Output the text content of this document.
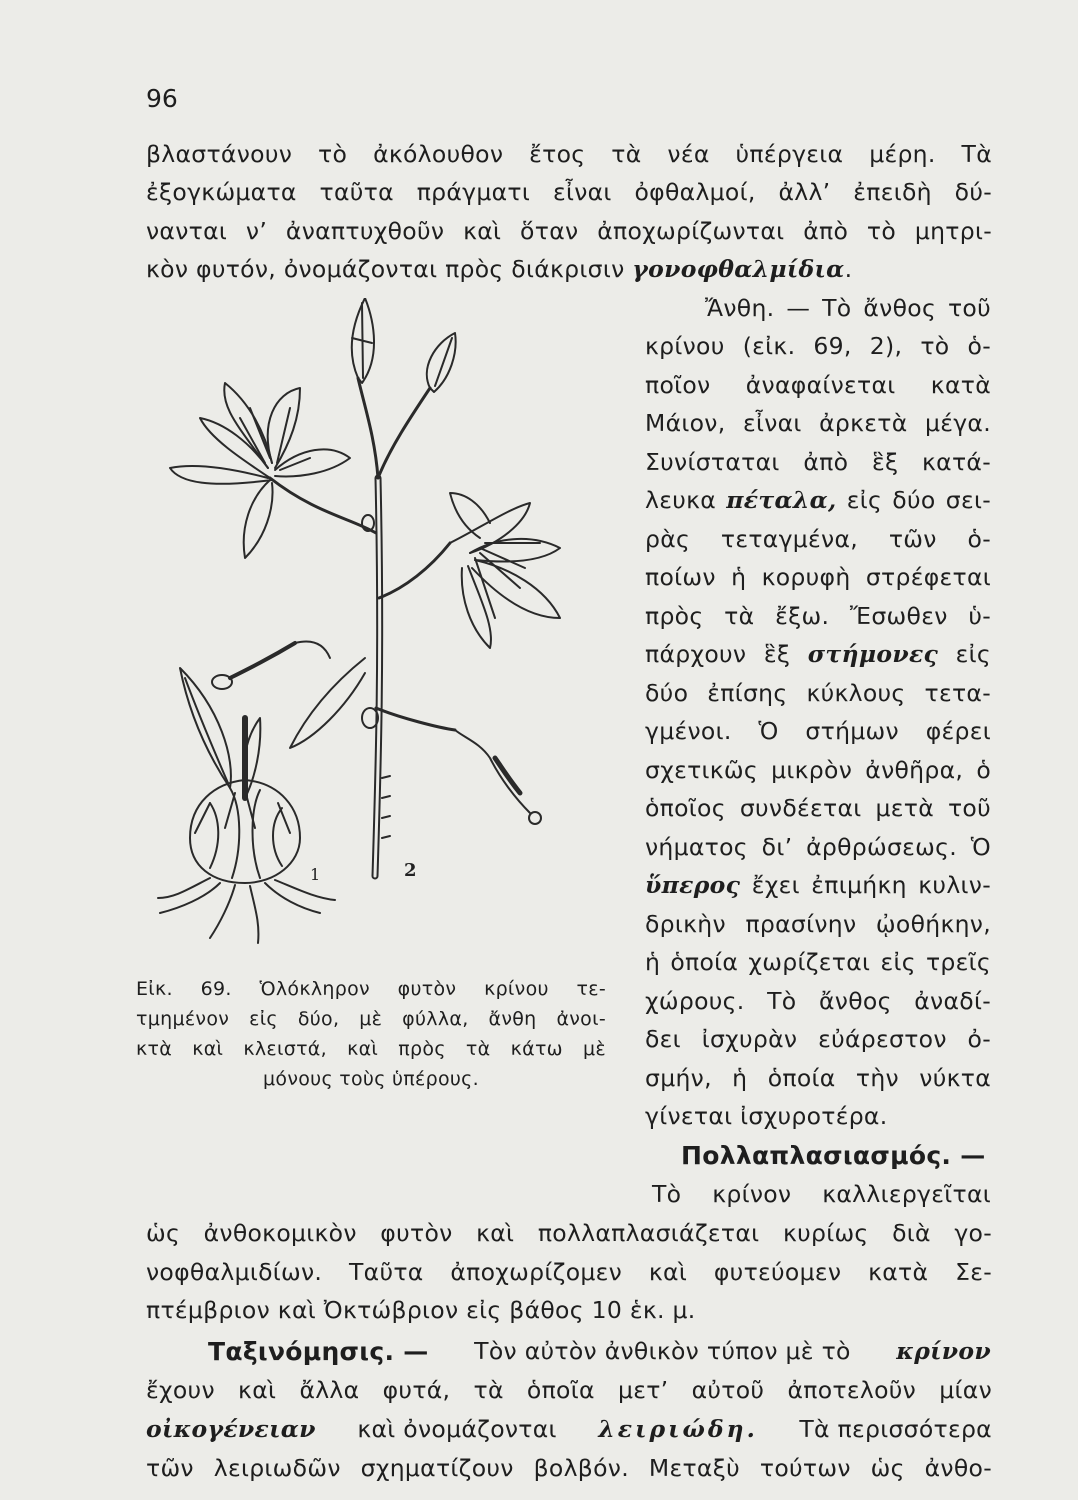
96
βλαστάνουν τὸ ἀκόλουθον ἔτος τὰ νέα ὑπέργεια μέρη. Τὰ
ἐξογκώματα ταῦτα πράγματι εἶναι ὀφθαλμοί, ἀλλ’ ἐπειδὴ δύ-
νανται ν’ ἀναπτυχθοῦν καὶ ὅταν ἀποχωρίζωνται ἀπὸ τὸ μητρι-
κὸν φυτόν, ὀνομάζονται πρὸς διάκρισιν γονοφθαλμίδια.
Ἄνθη. — Τὸ ἄνθος τοῦ
κρίνου (εἰκ. 69, 2), τὸ ὁ-
ποῖον ἀναφαίνεται κατὰ
Μάιον, εἶναι ἀρκετὰ μέγα.
Συνίσταται ἀπὸ ἓξ κατά-
λευκα πέταλα, εἰς δύο σει-
ρὰς τεταγμένα, τῶν ὁ-
ποίων ἡ κορυφὴ στρέφεται
πρὸς τὰ ἔξω. Ἔσωθεν ὑ-
πάρχουν ἓξ στήμονες εἰς
δύο ἐπίσης κύκλους τετα-
γμένοι. Ὁ στήμων φέρει
σχετικῶς μικρὸν ἀνθῆρα, ὁ
ὁποῖος συνδέεται μετὰ τοῦ
νήματος δι’ ἀρθρώσεως. Ὁ
ὕπερος ἔχει ἐπιμήκη κυλιν-
δρικὴν πρασίνην ᾠοθήκην,
ἡ ὁποία χωρίζεται εἰς τρεῖς
χώρους. Τὸ ἄνθος ἀναδί-
δει ἰσχυρὰν εὐάρεστον ὀ-
σμήν, ἡ ὁποία τὴν νύκτα
γίνεται ἰσχυροτέρα.
Πολλαπλασιασμός. —
Τὸ κρίνον καλλιεργεῖται
ὡς ἀνθοκομικὸν φυτὸν καὶ πολλαπλασιάζεται κυρίως διὰ γο-
νοφθαλμιδίων. Ταῦτα ἀποχωρίζομεν καὶ φυτεύομεν κατὰ Σε-
πτέμβριον καὶ Ὀκτώβριον εἰς βάθος 10 ἑκ. μ.
Ταξινόμησις. — Τὸν αὐτὸν ἀνθικὸν τύπον μὲ τὸ κρίνον
ἔχουν καὶ ἄλλα φυτά, τὰ ὁποῖα μετ’ αὐτοῦ ἀποτελοῦν μίαν
οἰκογένειαν καὶ ὀνομάζονται λειριώδη. Τὰ περισσότερα
τῶν λειριωδῶν σχηματίζουν βολβόν. Μεταξὺ τούτων ὡς ἀνθο-
1	2
Εἰκ. 69. Ὁλόκληρον φυτὸν κρίνου τε-
τμημένον εἰς δύο, μὲ φύλλα, ἄνθη ἀνοι-
κτὰ καὶ κλειστά, καὶ πρὸς τὰ κάτω μὲ
μόνους τοὺς ὑπέρους.
